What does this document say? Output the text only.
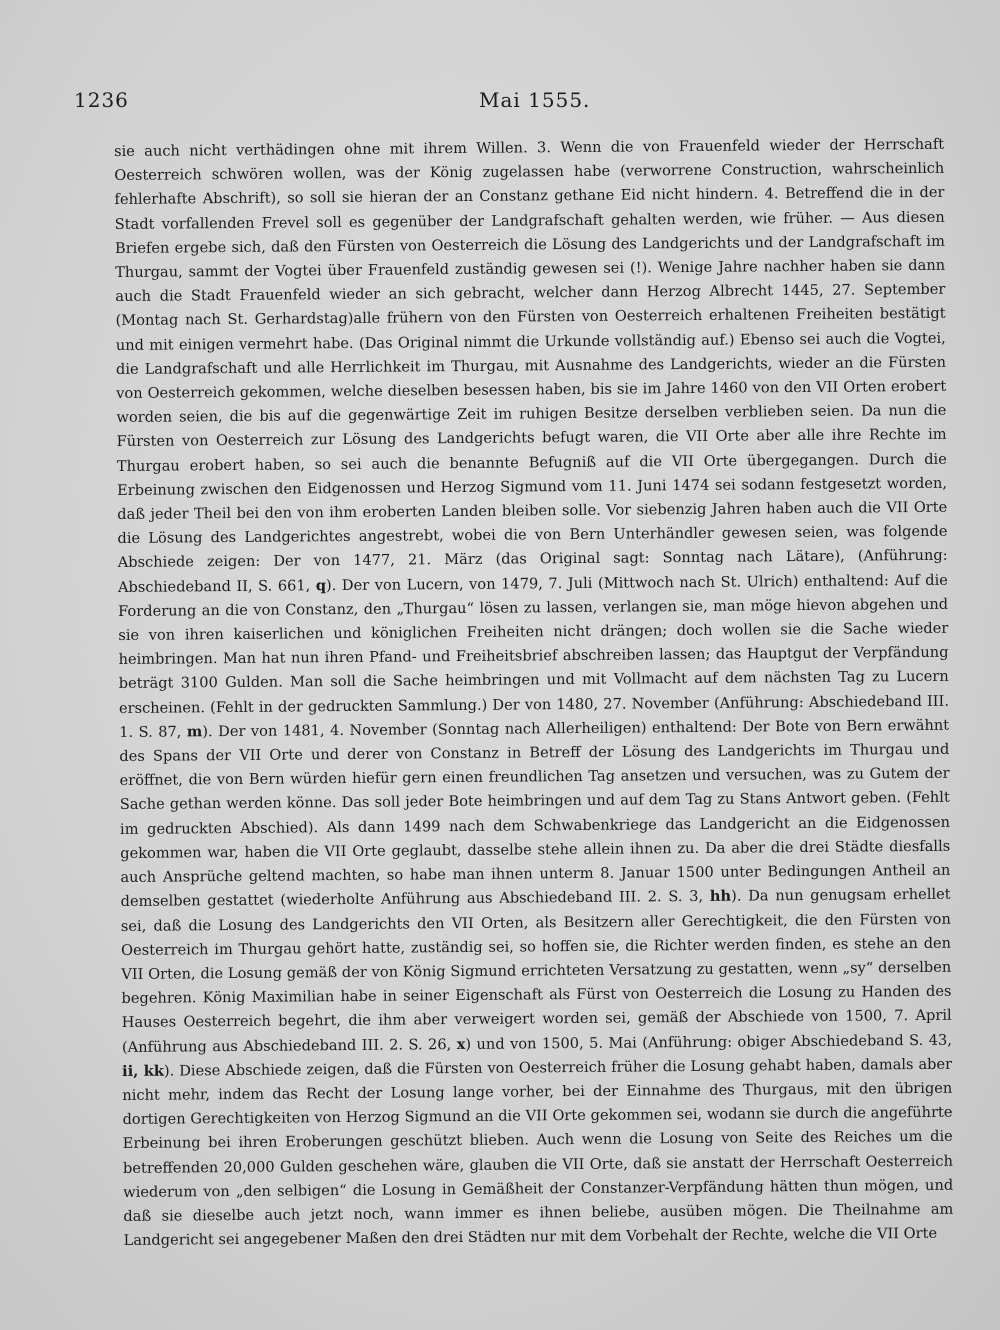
1236	Mai 1555.

sie auch nicht verthädingen ohne mit ihrem Willen. 3. Wenn die von Frauenfeld wieder der Herrschaft Oesterreich schwören wollen, was der König zugelassen habe (verworrene Construction, wahrscheinlich fehlerhafte Abschrift), so soll sie hieran der an Constanz gethane Eid nicht hindern. 4. Betreffend die in der Stadt vorfallenden Frevel soll es gegenüber der Landgrafschaft gehalten werden, wie früher. — Aus diesen Briefen ergebe sich, daß den Fürsten von Oesterreich die Lösung des Landgerichts und der Landgrafschaft im Thurgau, sammt der Vogtei über Frauenfeld zuständig gewesen sei (!). Wenige Jahre nachher haben sie dann auch die Stadt Frauenfeld wieder an sich gebracht, welcher dann Herzog Albrecht 1445, 27. September (Montag nach St. Gerhardstag)alle frühern von den Fürsten von Oesterreich erhaltenen Freiheiten bestätigt und mit einigen vermehrt habe. (Das Original nimmt die Urkunde vollständig auf.) Ebenso sei auch die Vogtei, die Landgrafschaft und alle Herrlichkeit im Thurgau, mit Ausnahme des Landgerichts, wieder an die Fürsten von Oesterreich gekommen, welche dieselben besessen haben, bis sie im Jahre 1460 von den VII Orten erobert worden seien, die bis auf die gegenwärtige Zeit im ruhigen Besitze derselben verblieben seien. Da nun die Fürsten von Oesterreich zur Lösung des Landgerichts befugt waren, die VII Orte aber alle ihre Rechte im Thurgau erobert haben, so sei auch die benannte Befugniß auf die VII Orte übergegangen. Durch die Erbeinung zwischen den Eidgenossen und Herzog Sigmund vom 11. Juni 1474 sei sodann festgesetzt worden, daß jeder Theil bei den von ihm eroberten Landen bleiben solle. Vor siebenzig Jahren haben auch die VII Orte die Lösung des Landgerichtes angestrebt, wobei die von Bern Unterhändler gewesen seien, was folgende Abschiede zeigen: Der von 1477, 21. März (das Original sagt: Sonntag nach Lätare), (Anführung: Abschiedeband II, S. 661, q). Der von Lucern, von 1479, 7. Juli (Mittwoch nach St. Ulrich) enthaltend: Auf die Forderung an die von Constanz, den „Thurgau“ lösen zu lassen, verlangen sie, man möge hievon abgehen und sie von ihren kaiserlichen und königlichen Freiheiten nicht drängen; doch wollen sie die Sache wieder heimbringen. Man hat nun ihren Pfand- und Freiheitsbrief abschreiben lassen; das Hauptgut der Verpfändung beträgt 3100 Gulden. Man soll die Sache heimbringen und mit Vollmacht auf dem nächsten Tag zu Lucern erscheinen. (Fehlt in der gedruckten Sammlung.) Der von 1480, 27. November (Anführung: Abschiedeband III. 1. S. 87, m). Der von 1481, 4. November (Sonntag nach Allerheiligen) enthaltend: Der Bote von Bern erwähnt des Spans der VII Orte und derer von Constanz in Betreff der Lösung des Landgerichts im Thurgau und eröffnet, die von Bern würden hiefür gern einen freundlichen Tag ansetzen und versuchen, was zu Gutem der Sache gethan werden könne. Das soll jeder Bote heimbringen und auf dem Tag zu Stans Antwort geben. (Fehlt im gedruckten Abschied). Als dann 1499 nach dem Schwabenkriege das Landgericht an die Eidgenossen gekommen war, haben die VII Orte geglaubt, dasselbe stehe allein ihnen zu. Da aber die drei Städte diesfalls auch Ansprüche geltend machten, so habe man ihnen unterm 8. Januar 1500 unter Bedingungen Antheil an demselben gestattet (wiederholte Anführung aus Abschiedeband III. 2. S. 3, hh). Da nun genugsam erhellet sei, daß die Losung des Landgerichts den VII Orten, als Besitzern aller Gerechtigkeit, die den Fürsten von Oesterreich im Thurgau gehört hatte, zuständig sei, so hoffen sie, die Richter werden finden, es stehe an den VII Orten, die Losung gemäß der von König Sigmund errichteten Versatzung zu gestatten, wenn „sy“ derselben begehren. König Maximilian habe in seiner Eigenschaft als Fürst von Oesterreich die Losung zu Handen des Hauses Oesterreich begehrt, die ihm aber verweigert worden sei, gemäß der Abschiede von 1500, 7. April (Anführung aus Abschiedeband III. 2. S. 26, x) und von 1500, 5. Mai (Anführung: obiger Abschiedeband S. 43, ii, kk). Diese Abschiede zeigen, daß die Fürsten von Oesterreich früher die Losung gehabt haben, damals aber nicht mehr, indem das Recht der Losung lange vorher, bei der Einnahme des Thurgaus, mit den übrigen dortigen Gerechtigkeiten von Herzog Sigmund an die VII Orte gekommen sei, wodann sie durch die angeführte Erbeinung bei ihren Eroberungen geschützt blieben. Auch wenn die Losung von Seite des Reiches um die betreffenden 20,000 Gulden geschehen wäre, glauben die VII Orte, daß sie anstatt der Herrschaft Oesterreich wiederum von „den selbigen“ die Losung in Gemäßheit der Constanzer-Verpfändung hätten thun mögen, und daß sie dieselbe auch jetzt noch, wann immer es ihnen beliebe, ausüben mögen. Die Theilnahme am Landgericht sei angegebener Maßen den drei Städten nur mit dem Vorbehalt der Rechte, welche die VII Orte
